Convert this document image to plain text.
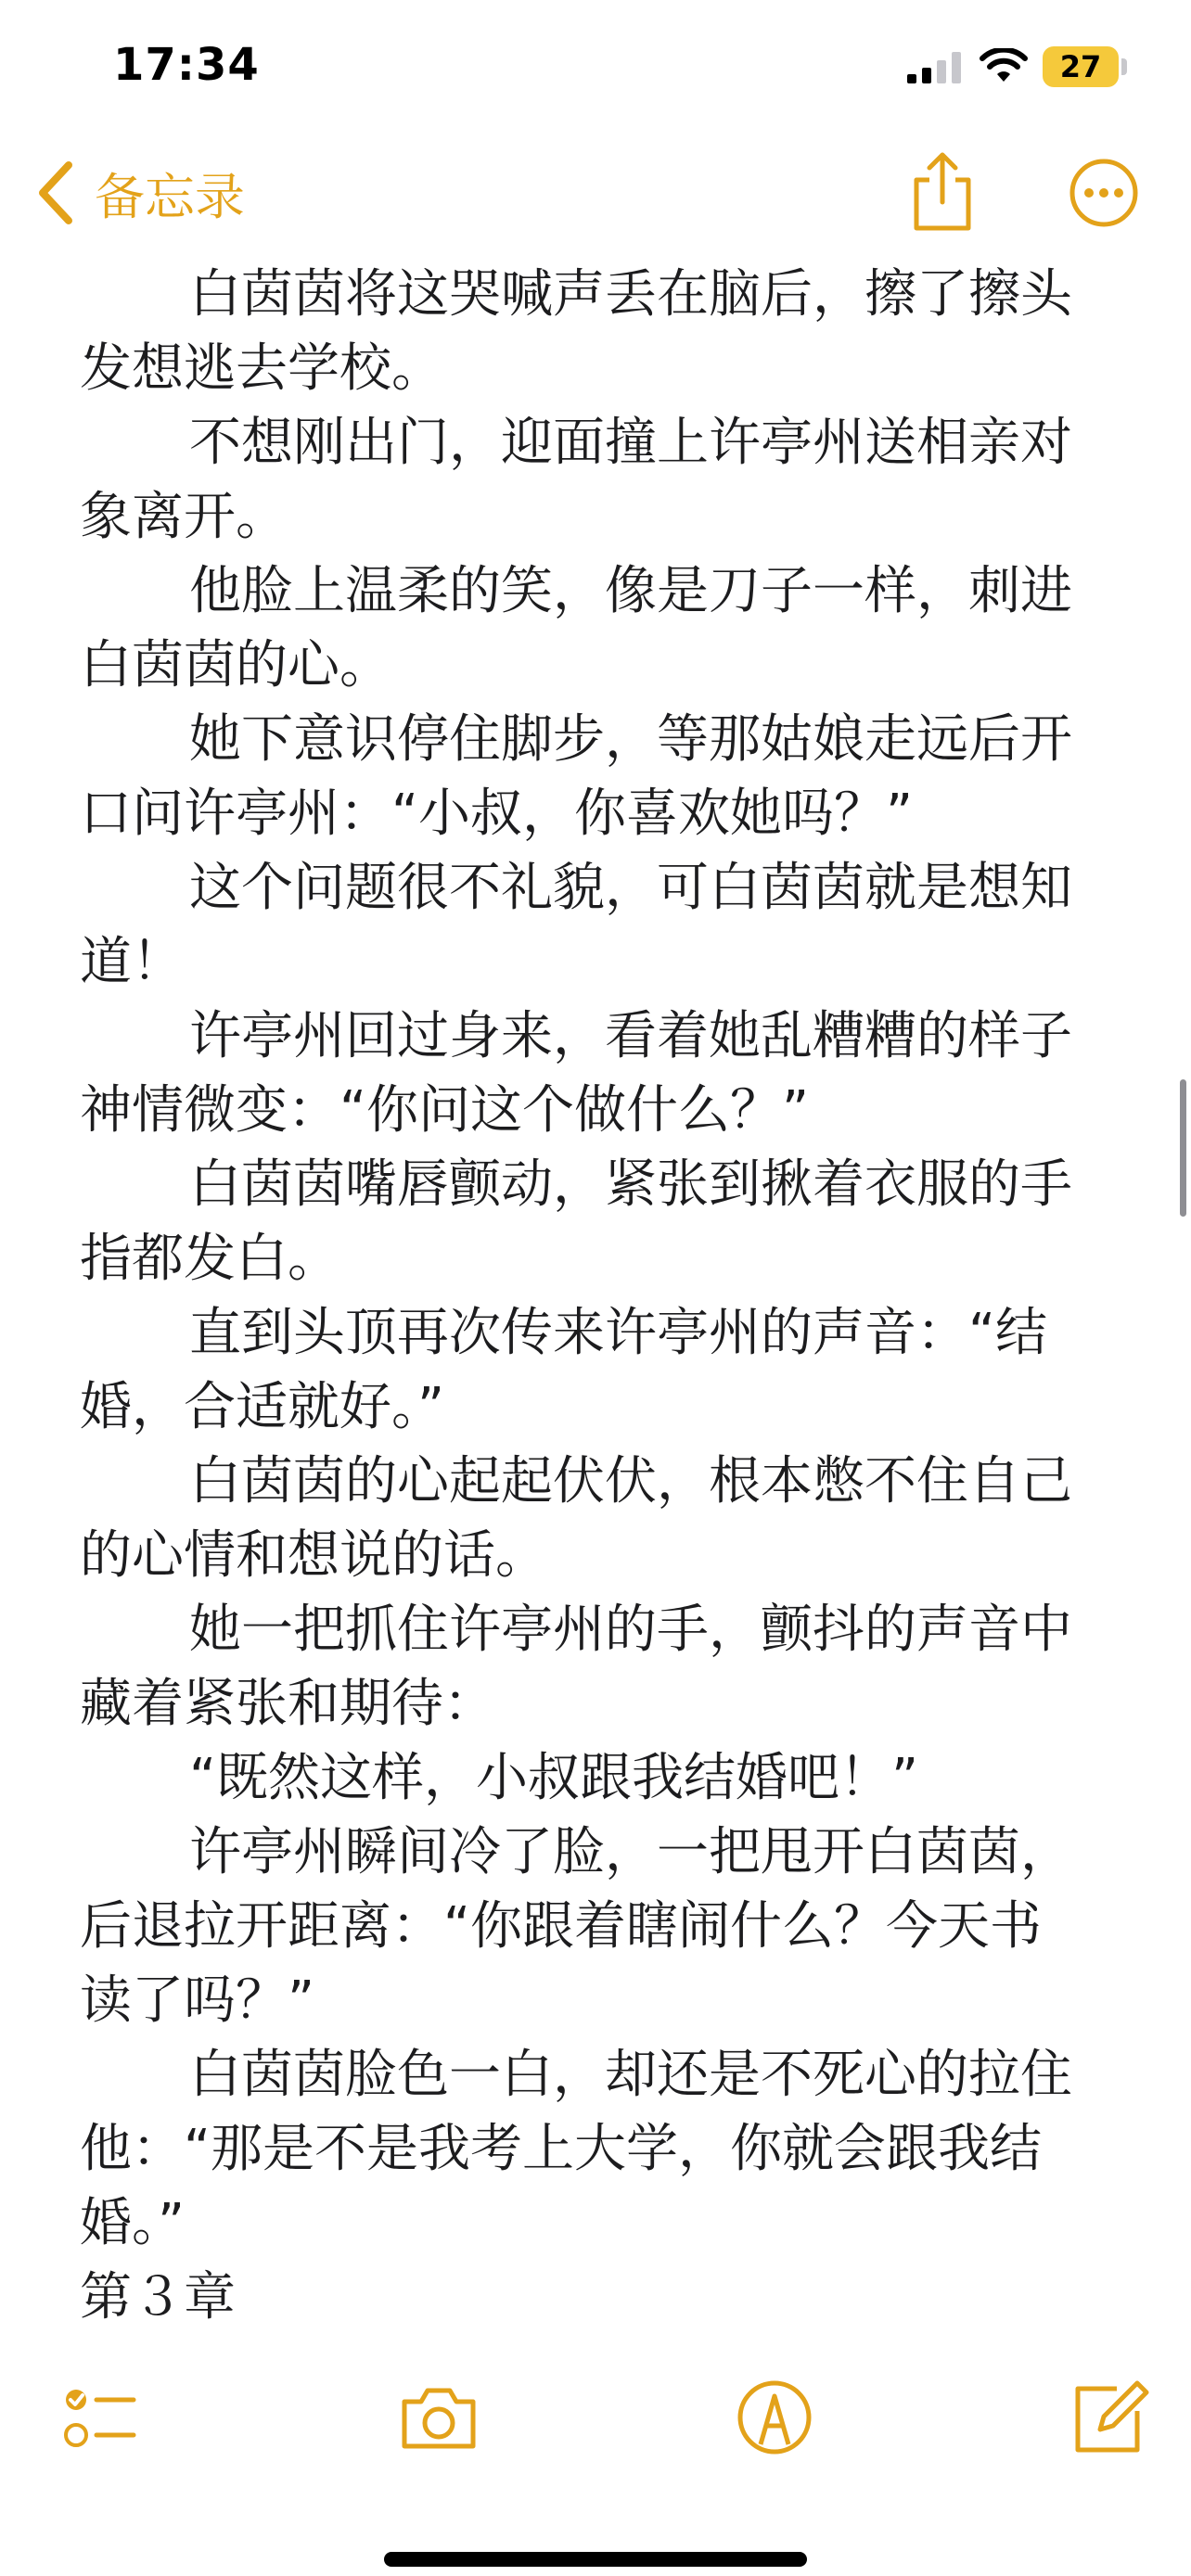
17:34	27
备忘录
白茵茵将这哭喊声丢在脑后，擦了擦头
发想逃去学校。
不想刚出门，迎面撞上许亭州送相亲对
象离开。
他脸上温柔的笑，像是刀子一样，刺进
白茵茵的心。
她下意识停住脚步，等那姑娘走远后开
口问许亭州：“小叔，你喜欢她吗？”
这个问题很不礼貌，可白茵茵就是想知
道！
许亭州回过身来，看着她乱糟糟的样子
神情微变：“你问这个做什么？”
白茵茵嘴唇颤动，紧张到揪着衣服的手
指都发白。
直到头顶再次传来许亭州的声音：“结
婚，合适就好。”
白茵茵的心起起伏伏，根本憋不住自己
的心情和想说的话。
她一把抓住许亭州的手，颤抖的声音中
藏着紧张和期待：
“既然这样，小叔跟我结婚吧！”
许亭州瞬间冷了脸，一把甩开白茵茵，
后退拉开距离：“你跟着瞎闹什么？今天书
读了吗？”
白茵茵脸色一白，却还是不死心的拉住
他：“那是不是我考上大学，你就会跟我结
婚。”
第３章
